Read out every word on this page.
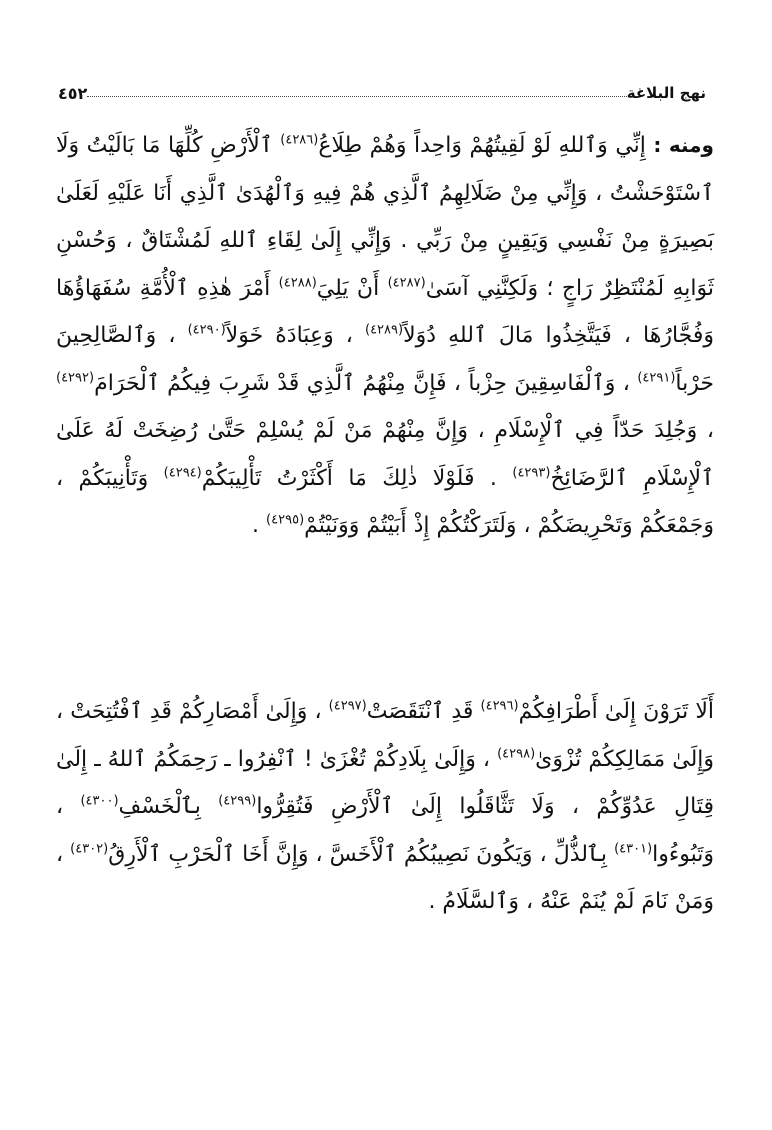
نهج البلاغة
٤٥٢
ومنه : إِنِّي وَٱللهِ لَوْ لَقِيتُهُمْ وَاحِداً وَهُمْ طِلَاعُ$^{(٤٢٨٦)}$ ٱلْأَرْضِ كُلِّهَا مَا بَالَيْتُ وَلَا ٱسْتَوْحَشْتُ ، وَإِنِّي مِنْ ضَلَالِهِمُ ٱلَّذِي هُمْ فِيهِ وَٱلْهُدَىٰ ٱلَّذِي أَنَا عَلَيْهِ لَعَلَىٰ بَصِيرَةٍ مِنْ نَفْسِي وَيَقِينٍ مِنْ رَبِّي . وَإِنِّي إِلَىٰ لِقَاءِ ٱللهِ لَمُشْتَاقٌ ، وَحُسْنِ ثَوَابِهِ لَمُنْتَظِرٌ رَاجٍ ؛ وَلَكِنَّنِي آسَىٰ$^{(٤٢٨٧)}$ أَنْ يَلِيَ$^{(٤٢٨٨)}$ أَمْرَ هٰذِهِ ٱلْأُمَّةِ سُفَهَاؤُهَا وَفُجَّارُهَا ، فَيَتَّخِذُوا مَالَ ٱللهِ دُوَلاً$^{(٤٢٨٩)}$ ، وَعِبَادَهُ خَوَلاً$^{(٤٢٩٠)}$ ، وَٱلصَّالِحِينَ حَرْباً$^{(٤٢٩١)}$ ، وَٱلْفَاسِقِينَ حِزْباً ، فَإِنَّ مِنْهُمُ ٱلَّذِي قَدْ شَرِبَ فِيكُمُ ٱلْحَرَامَ$^{(٤٢٩٢)}$ ، وَجُلِدَ حَدّاً فِي ٱلْإِسْلَامِ ، وَإِنَّ مِنْهُمْ مَنْ لَمْ يُسْلِمْ حَتَّىٰ رُضِخَتْ لَهُ عَلَىٰ ٱلْإِسْلَامِ ٱلرَّضَائِخُ$^{(٤٢٩٣)}$ . فَلَوْلَا ذٰلِكَ مَا أَكْثَرْتُ تَأْلِيبَكُمْ$^{(٤٢٩٤)}$ وَتَأْنِيبَكُمْ ، وَجَمْعَكُمْ وَتَحْرِيضَكُمْ ، وَلَتَرَكْتُكُمْ إِذْ أَبَيْتُمْ وَوَنَيْتُمْ$^{(٤٢٩٥)}$ .
أَلَا تَرَوْنَ إِلَىٰ أَطْرَافِكُمْ$^{(٤٢٩٦)}$ قَدِ ٱنْتَقَصَتْ$^{(٤٢٩٧)}$ ، وَإِلَىٰ أَمْصَارِكُمْ قَدِ ٱفْتُتِحَتْ ، وَإِلَىٰ مَمَالِكِكُمْ تُزْوَىٰ$^{(٤٢٩٨)}$ ، وَإِلَىٰ بِلَادِكُمْ تُغْزَىٰ ! ٱنْفِرُوا ـ رَحِمَكُمُ ٱللهُ ـ إِلَىٰ قِتَالِ عَدُوِّكُمْ ، وَلَا تَثَّاقَلُوا إِلَىٰ ٱلْأَرْضِ فَتُقِرُّوا$^{(٤٢٩٩)}$ بِٱلْخَسْفِ$^{(٤٣٠٠)}$ ، وَتَبُوءُوا$^{(٤٣٠١)}$ بِٱلذُّلِّ ، وَيَكُونَ نَصِيبُكُمُ ٱلْأَخَسَّ ، وَإِنَّ أَخَا ٱلْحَرْبِ ٱلْأَرِقُ$^{(٤٣٠٢)}$ ، وَمَنْ نَامَ لَمْ يُنَمْ عَنْهُ ، وَٱلسَّلَامُ .
